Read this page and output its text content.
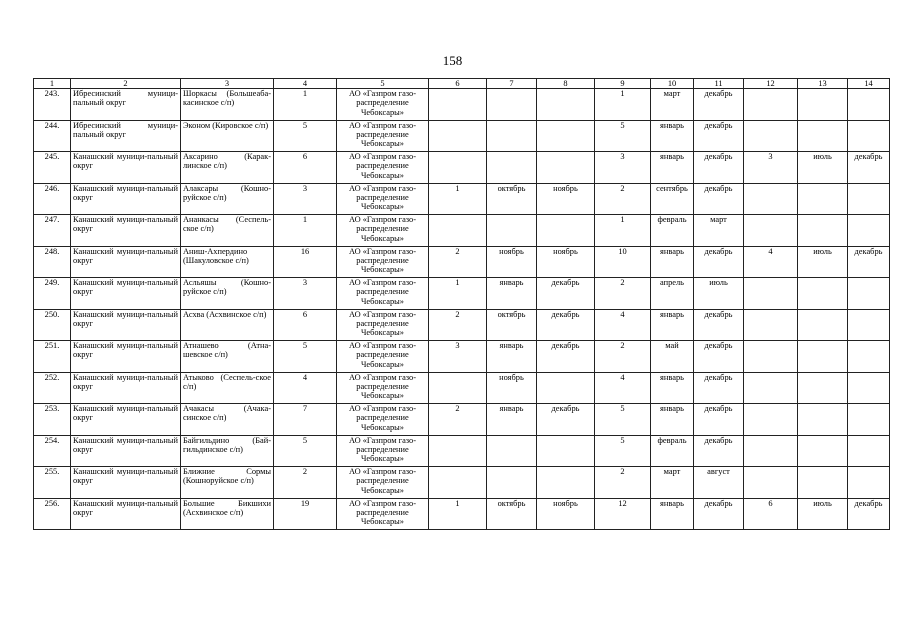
158
1	2	3	4	5	6	7	8	9	10	11	12	13	14
243.	Ибресинский муници-пальный округ	Шоркасы (Большеаба-касинское с/п)	1	АО «Газпром газо-распределение Чебоксары»				1	март	декабрь			
244.	Ибресинский муници-пальный округ	Эконом (Кировское с/п)	5	АО «Газпром газо-распределение Чебоксары»				5	январь	декабрь			
245.	Канашский муници-пальный округ	Аксарино (Карак-линское с/п)	6	АО «Газпром газо-распределение Чебоксары»				3	январь	декабрь	3	июль	декабрь
246.	Канашский муници-пальный округ	Алаксары (Кошно-руйское с/п)	3	АО «Газпром газо-распределение Чебоксары»	1	октябрь	ноябрь	2	сентябрь	декабрь			
247.	Канашский муници-пальный округ	Ананкасы (Сеспель-ское с/п)	1	АО «Газпром газо-распределение Чебоксары»				1	февраль	март			
248.	Канашский муници-пальный округ	Аниш-Ахпердино (Шакуловское с/п)	16	АО «Газпром газо-распределение Чебоксары»	2	ноябрь	ноябрь	10	январь	декабрь	4	июль	декабрь
249.	Канашский муници-пальный округ	Асльяшы (Кошно-руйское с/п)	3	АО «Газпром газо-распределение Чебоксары»	1	январь	декабрь	2	апрель	июль			
250.	Канашский муници-пальный округ	Асхва (Асхвинское с/п)	6	АО «Газпром газо-распределение Чебоксары»	2	октябрь	декабрь	4	январь	декабрь			
251.	Канашский муници-пальный округ	Атнашево (Атна-шевское с/п)	5	АО «Газпром газо-распределение Чебоксары»	3	январь	декабрь	2	май	декабрь			
252.	Канашский муници-пальный округ	Атыково (Сеспель-ское с/п)	4	АО «Газпром газо-распределение Чебоксары»		ноябрь		4	январь	декабрь			
253.	Канашский муници-пальный округ	Ачакасы (Ачака-синское с/п)	7	АО «Газпром газо-распределение Чебоксары»	2	январь	декабрь	5	январь	декабрь			
254.	Канашский муници-пальный округ	Байгильдино (Бай-гильдинское с/п)	5	АО «Газпром газо-распределение Чебоксары»				5	февраль	декабрь			
255.	Канашский муници-пальный округ	Ближние Сормы (Кошноруйское с/п)	2	АО «Газпром газо-распределение Чебоксары»				2	март	август			
256.	Канашский муници-пальный округ	Большие Бикшихи (Асхвинское с/п)	19	АО «Газпром газо-распределение Чебоксары»	1	октябрь	ноябрь	12	январь	декабрь	6	июль	декабрь
